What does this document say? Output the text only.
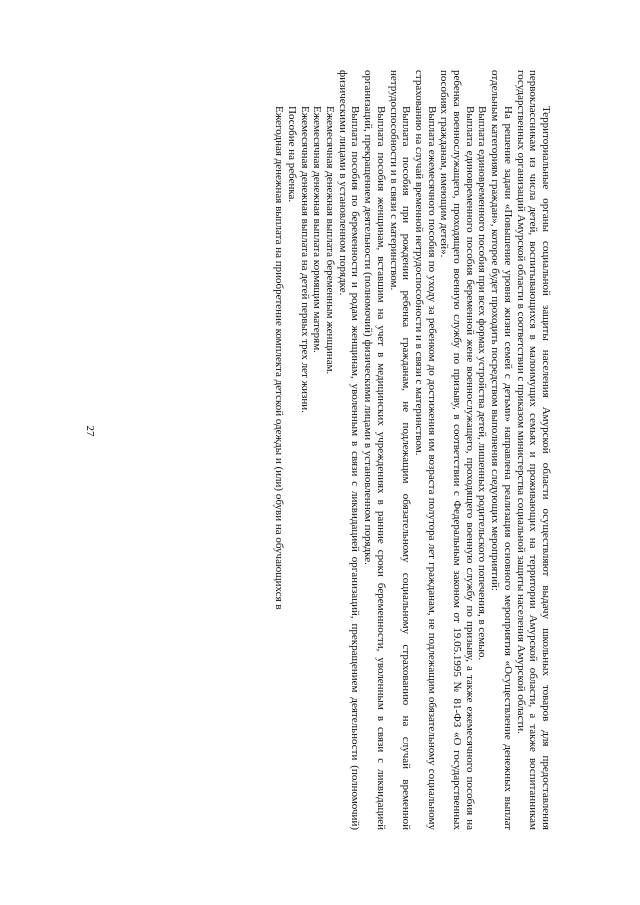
27	Территориальные органы социальной защиты населения Амурской области осуществляют выдачу школьных товаров для предоставления первоклассникам из числа детей, воспитывающихся в малоимущих семьях и проживающих на территории Амурской области, а также воспитанникам государственных организаций Амурской области в соответствии с приказом министерства социальной защиты населения Амурской области.

На решение задачи «Повышение уровня жизни семей с детьми» направлена реализация основного мероприятия «Осуществление денежных выплат отдельным категориям граждан», которое будет проходить посредством выполнения следующих мероприятий:

Выплата единовременного пособия при всех формах устройства детей, лишенных родительского попечения, в семью.

Выплата единовременного пособия беременной жене военнослужащего, проходящего военную службу по призыву, а также ежемесячного пособия на ребенка военнослужащего, проходящего военную службу по призыву, в соответствии с Федеральным законом от 19.05.1995 № 81-ФЗ «О государственных пособиях гражданам, имеющим детей».

Выплата ежемесячного пособия по уходу за ребенком до достижения им возраста полутора лет гражданам, не подлежащим обязательному социальному страхованию на случай временной нетрудоспособности и в связи с материнством.

Выплата пособия при рождении ребенка гражданам, не подлежащим обязательному социальному страхованию на случай временной нетрудоспособности и в связи с материнством.

Выплата пособия женщинам, вставшим на учет в медицинских учреждениях в ранние сроки беременности, уволенным в связи с ликвидацией организаций, прекращением деятельности (полномочий) физическими лицами в установленном порядке.

Выплата пособия по беременности и родам женщинам, уволенным в связи с ликвидацией организаций, прекращением деятельности (полномочий) физическими лицами в установленном порядке.

Ежемесячная денежная выплата беременным женщинам.

Ежемесячная денежная выплата кормящим матерям.

Ежемесячная денежная выплата на детей первых трех лет жизни.

Пособие на ребенка.

Ежегодная денежная выплата на приобретение комплекта детской одежды и (или) обуви на обучающихся в
